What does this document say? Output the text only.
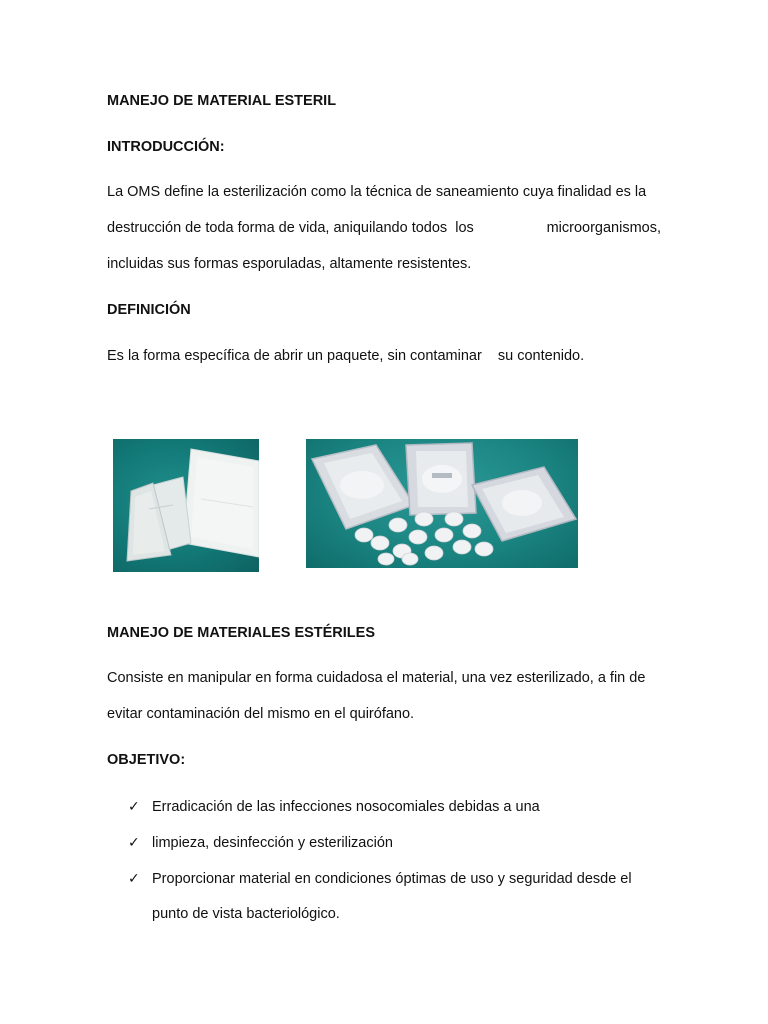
MANEJO DE MATERIAL ESTERIL
INTRODUCCIÓN:
La OMS define la esterilización como la técnica de saneamiento cuya finalidad es la
destrucción de toda forma de vida, aniquilando todos  los	microorganismos,
incluidas sus formas esporuladas, altamente resistentes.
DEFINICIÓN
Es la forma específica de abrir un paquete, sin contaminar    su contenido.
MANEJO DE MATERIALES ESTÉRILES
Consiste en manipular en forma cuidadosa el material, una vez esterilizado, a fin de
evitar contaminación del mismo en el quirófano.
OBJETIVO:
✓ Erradicación de las infecciones nosocomiales debidas a una
✓ limpieza, desinfección y esterilización
✓ Proporcionar material en condiciones óptimas de uso y seguridad desde el
punto de vista bacteriológico.
